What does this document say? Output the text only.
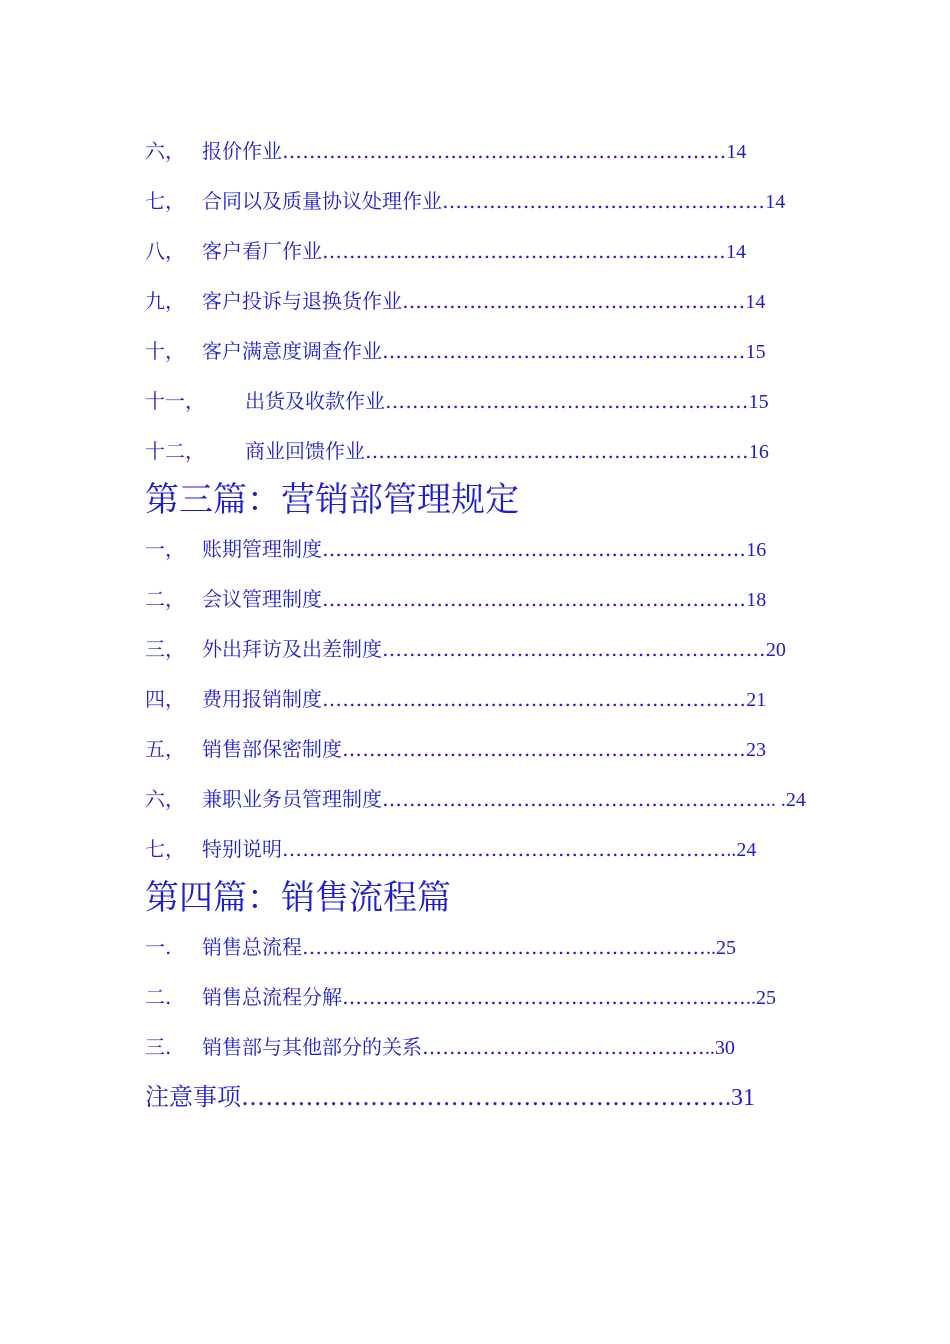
六， 报价作业 ………………………………………………………… 14
七， 合同以及质量协议处理作业 ………………………………………… 14
八， 客户看厂作业 …………………………………………………… 14
九， 客户投诉与退换货作业 …………………………………………… 14
十， 客户满意度调查作业 ……………………………………………… 15
十一，	出货及收款作业 ……………………………………………… 15
十二，	商业回馈作业 ………………………………………………… 16
第三篇：营销部管理规定
一， 账期管理制度 ……………………………………………………… 16
二， 会议管理制度 ……………………………………………………… 18
三， 外出拜访及出差制度 ………………………………………………… 20
四， 费用报销制度 ……………………………………………………… 21
五， 销售部保密制度 …………………………………………………… 23
六， 兼职业务员管理制度 ………………………………………………… .. .24
七， 特别说明 ………………………………………………………… ..24
第四篇：销售流程篇
一.	销售总流程 …………………………………………………… ..25
二.	销售总流程分解 …………………………………………………… ..25
三.	销售部与其他部分的关系 …………………………………… ..30
注意事项 …………………………………………………… .31
